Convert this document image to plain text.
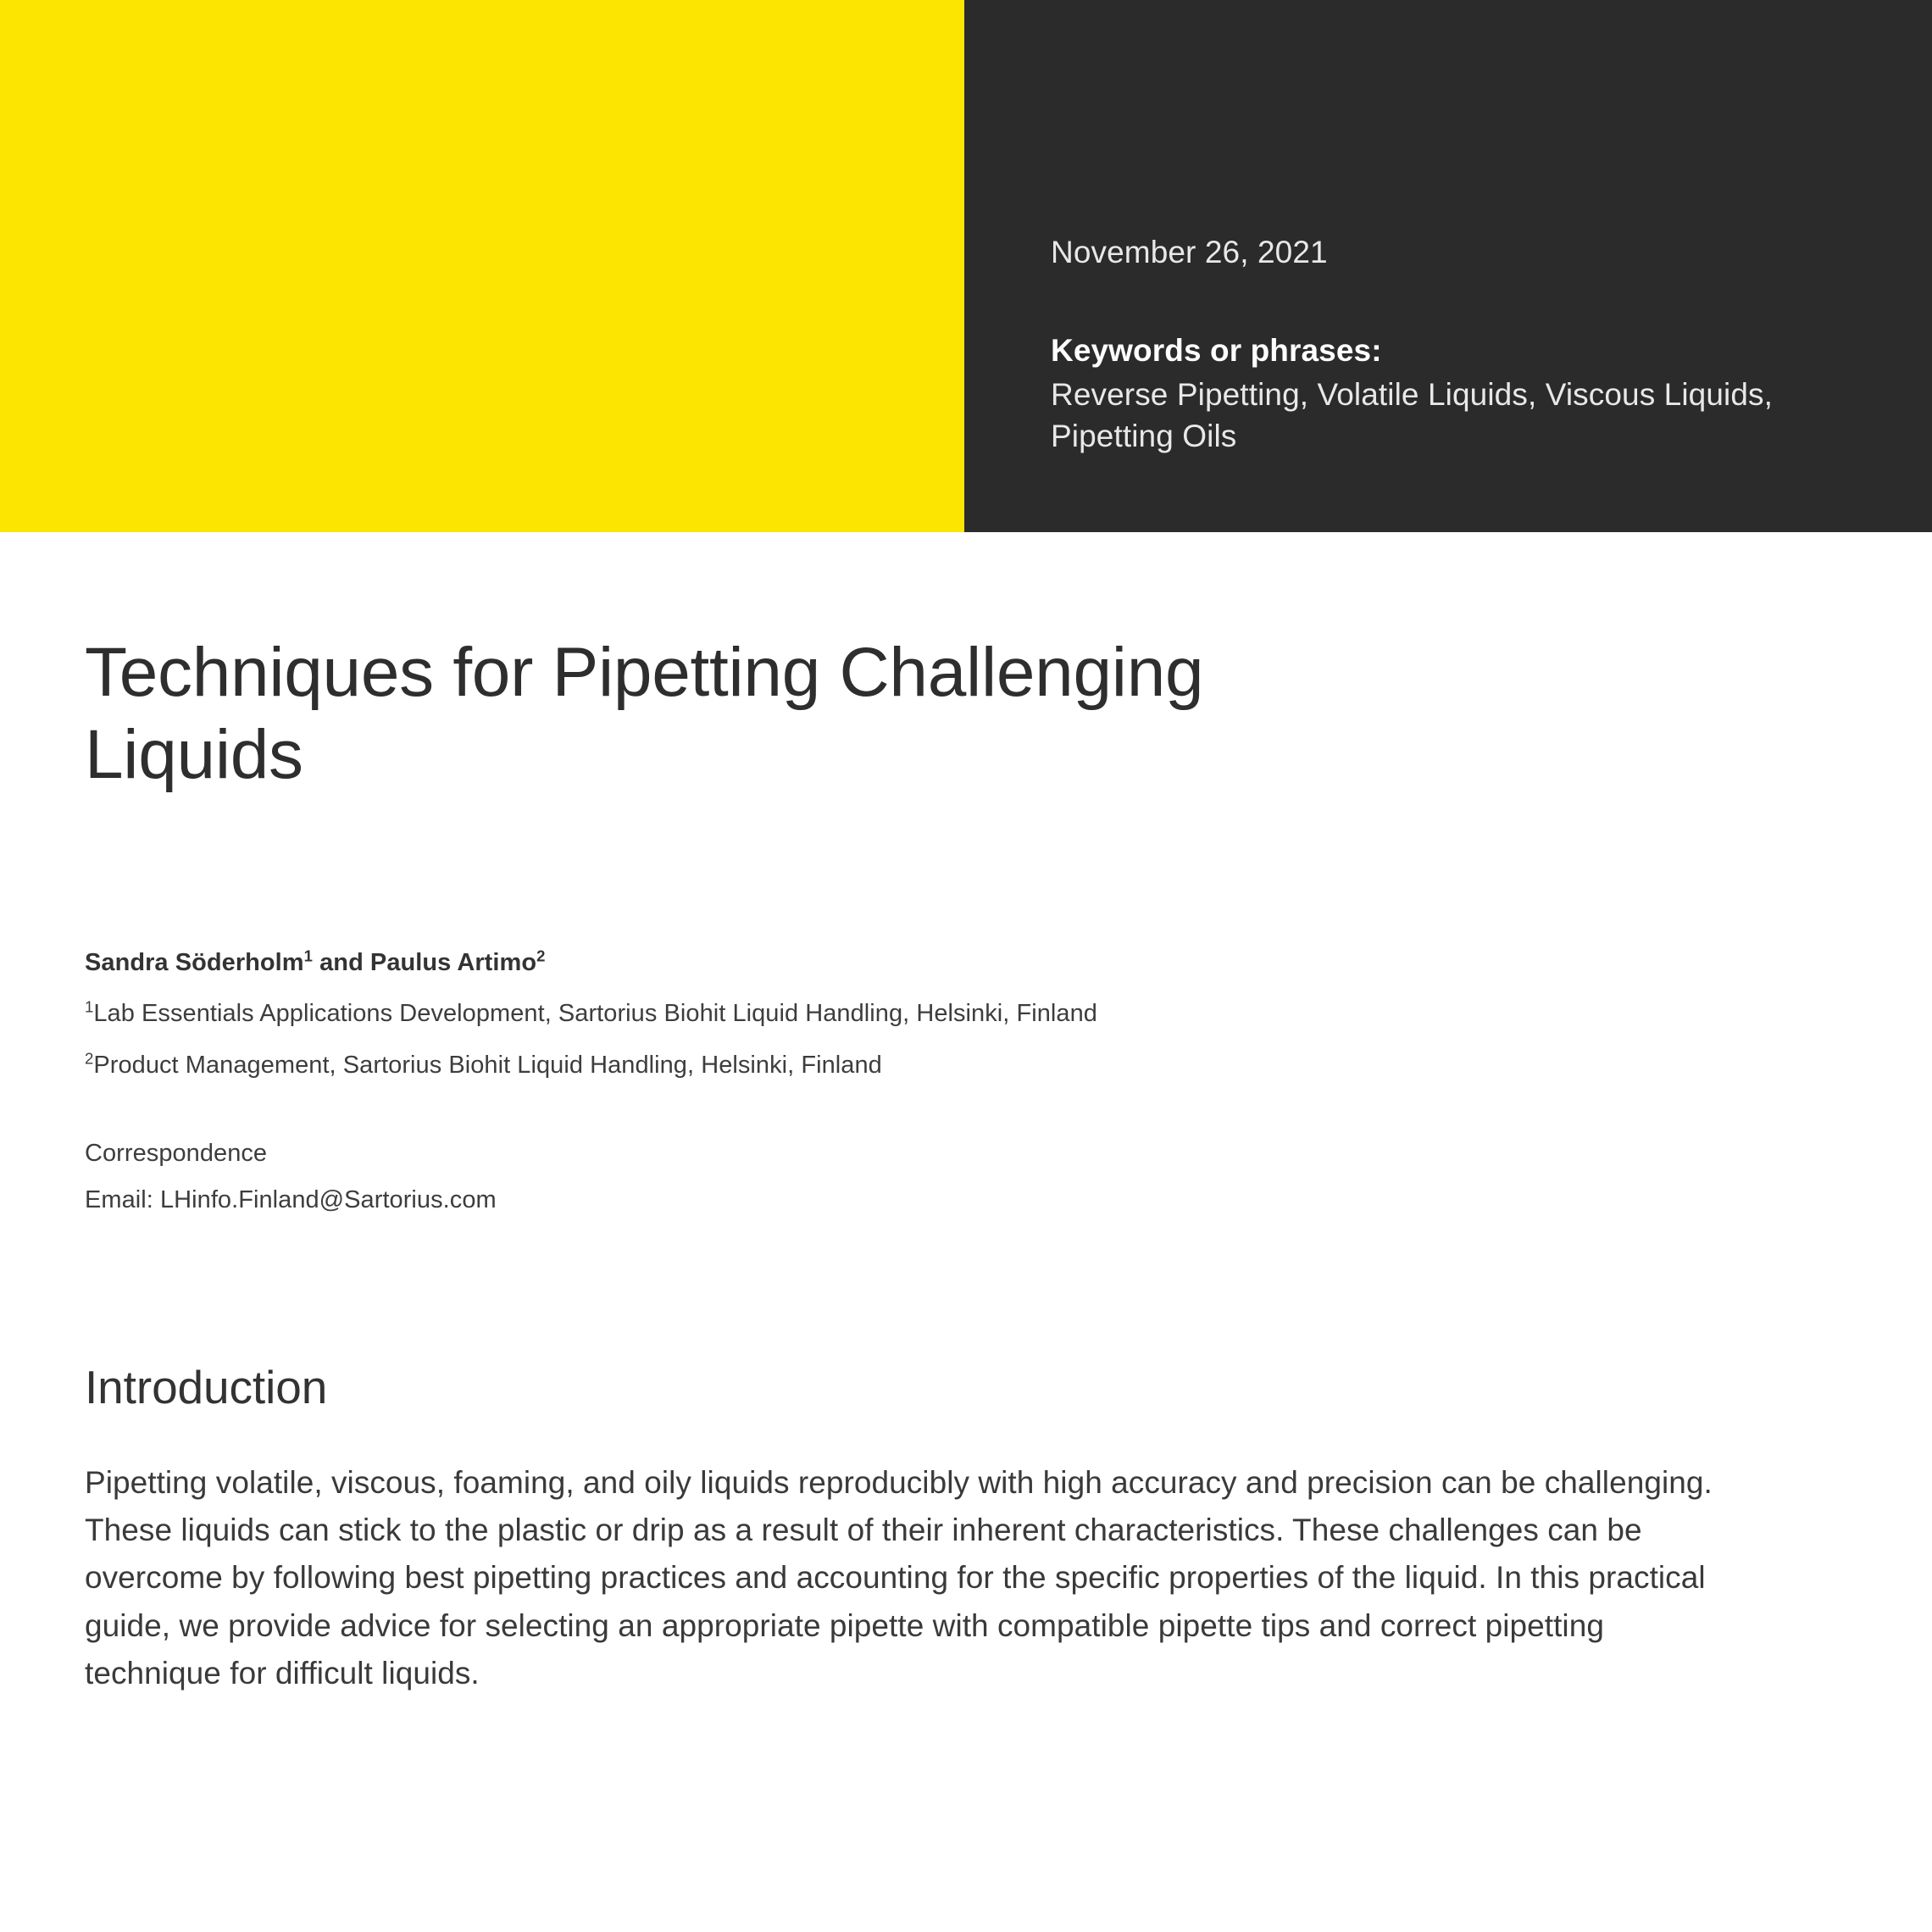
November 26, 2021
Keywords or phrases:
Reverse Pipetting, Volatile Liquids, Viscous Liquids, Pipetting Oils
Techniques for Pipetting Challenging Liquids
Sandra Söderholm$^1$ and Paulus Artimo$^2$
$^1$Lab Essentials Applications Development, Sartorius Biohit Liquid Handling, Helsinki, Finland
$^2$Product Management, Sartorius Biohit Liquid Handling, Helsinki, Finland
Correspondence
Email: LHinfo.Finland@Sartorius.com
Introduction

Pipetting volatile, viscous, foaming, and oily liquids reproducibly with high accuracy and precision can be challenging. These liquids can stick to the plastic or drip as a result of their inherent characteristics. These challenges can be overcome by following best pipetting practices and accounting for the specific properties of the liquid. In this practical guide, we provide advice for selecting an appropriate pipette with compatible pipette tips and correct pipetting technique for difficult liquids.
